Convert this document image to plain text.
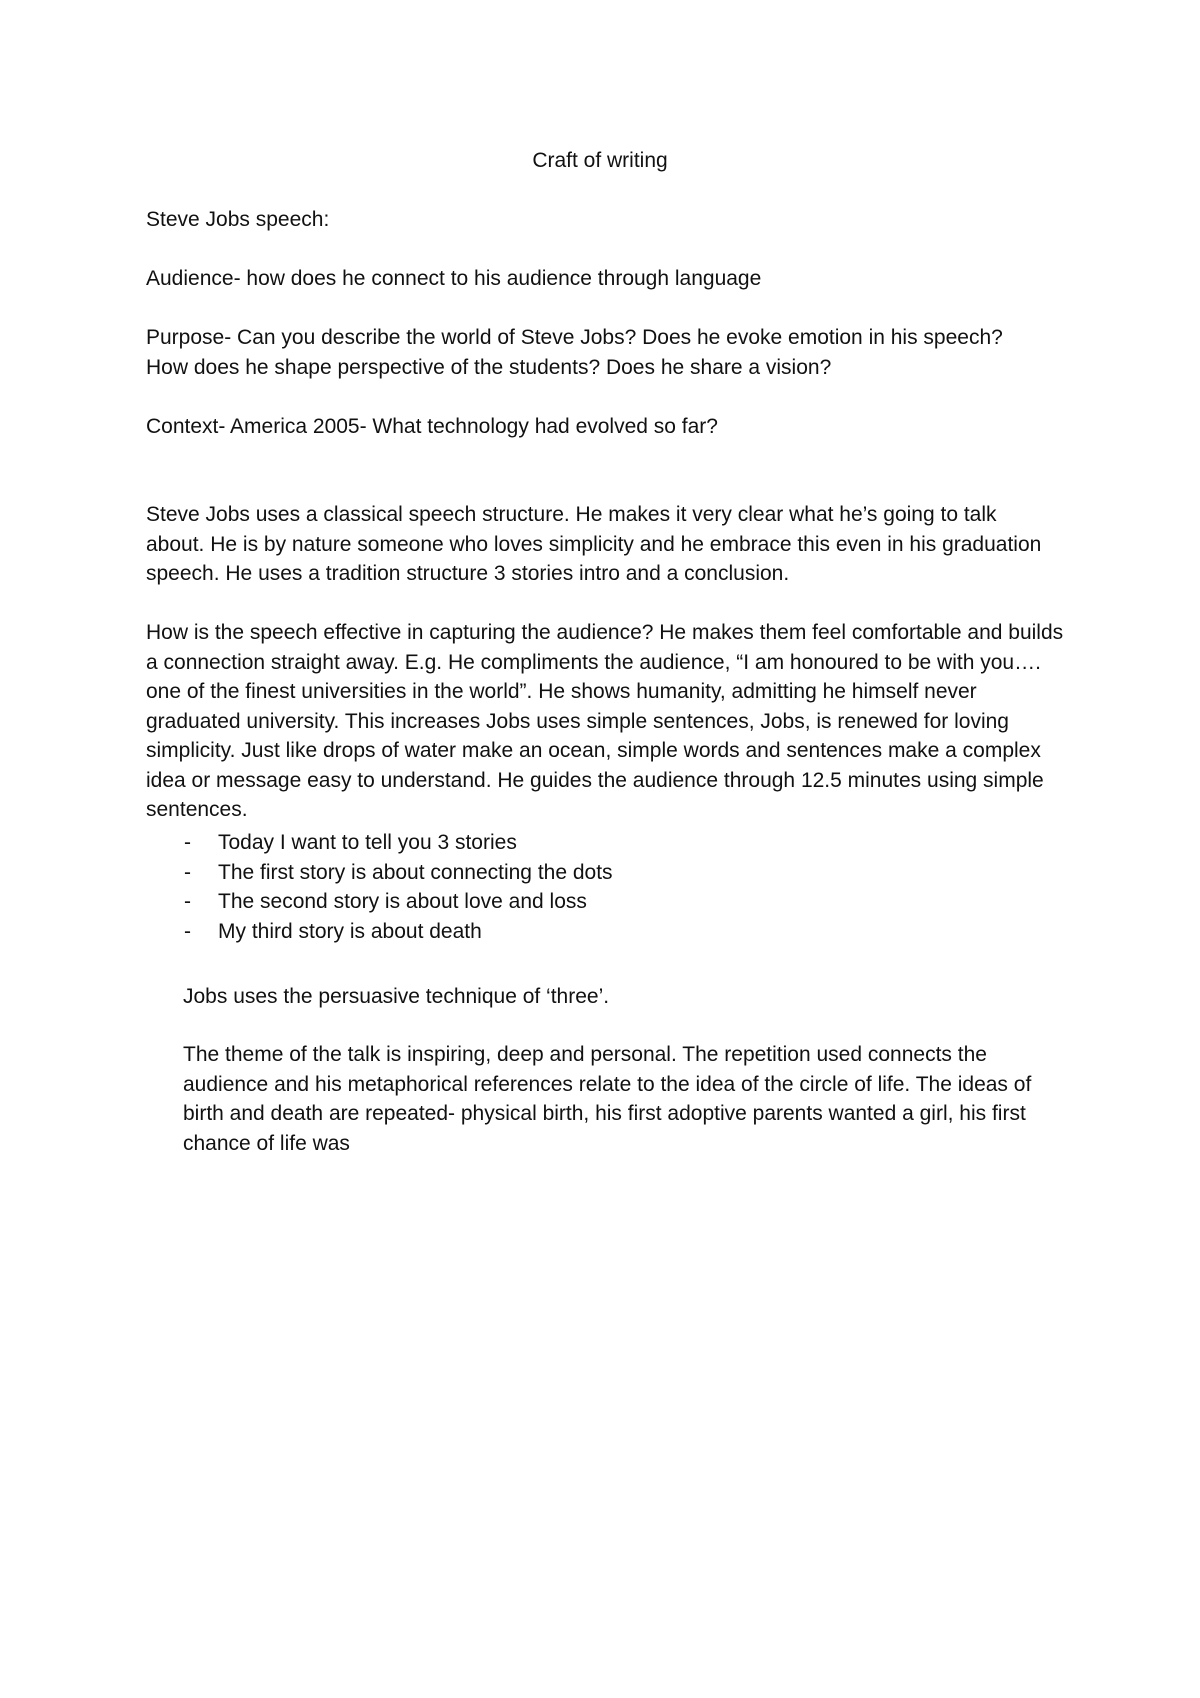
Craft of writing

Steve Jobs speech:

Audience- how does he connect to his audience through language

Purpose- Can you describe the world of Steve Jobs? Does he evoke emotion in his speech? How does he shape perspective of the students? Does he share a vision?

Context- America 2005- What technology had evolved so far?

Steve Jobs uses a classical speech structure. He makes it very clear what he’s going to talk about. He is by nature someone who loves simplicity and he embrace this even in his graduation speech. He uses a tradition structure 3 stories intro and a conclusion.

How is the speech effective in capturing the audience? He makes them feel comfortable and builds a connection straight away. E.g. He compliments the audience, “I am honoured to be with you…. one of the finest universities in the world”. He shows humanity, admitting he himself never graduated university. This increases Jobs uses simple sentences, Jobs, is renewed for loving simplicity. Just like drops of water make an ocean, simple words and sentences make a complex idea or message easy to understand. He guides the audience through 12.5 minutes using simple sentences.

- Today I want to tell you 3 stories
- The first story is about connecting the dots
- The second story is about love and loss
- My third story is about death

Jobs uses the persuasive technique of ‘three’.

The theme of the talk is inspiring, deep and personal. The repetition used connects the audience and his metaphorical references relate to the idea of the circle of life. The ideas of birth and death are repeated- physical birth, his first adoptive parents wanted a girl, his first chance of life was
